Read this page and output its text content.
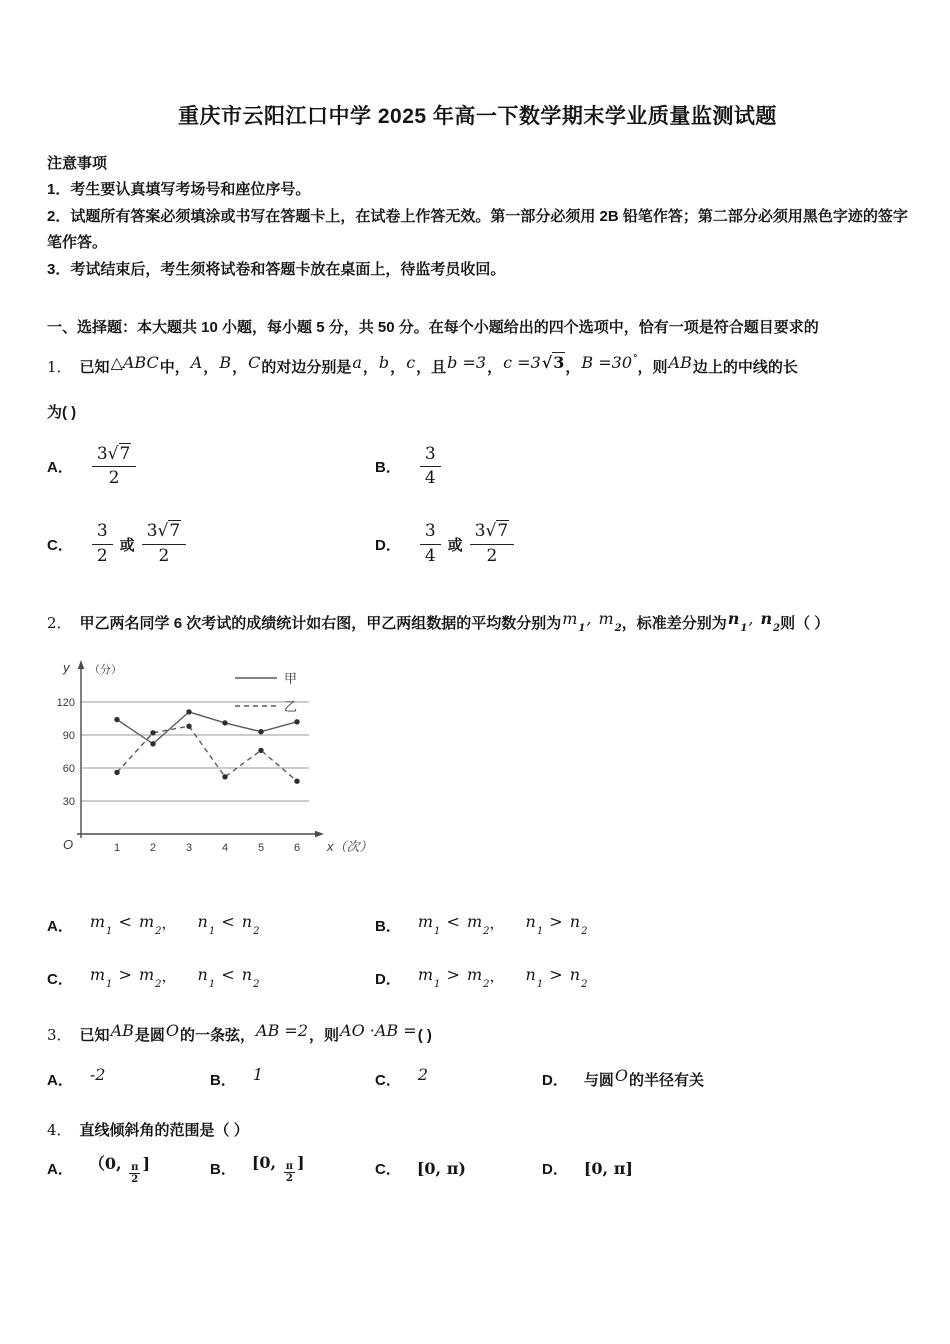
重庆市云阳江口中学 2025 年高一下数学期末学业质量监测试题
注意事项
1．考生要认真填写考场号和座位序号。
2．试题所有答案必须填涂或书写在答题卡上，在试卷上作答无效。第一部分必须用 2B 铅笔作答；第二部分必须用黑色字迹的签字笔作答。
3．考试结束后，考生须将试卷和答题卡放在桌面上，待监考员收回。
一、选择题：本大题共 10 小题，每小题 5 分，共 50 分。在每个小题给出的四个选项中，恰有一项是符合题目要求的
1． 已知△ABC中，A，B，C的对边分别是a，b，c，且b =3，c =3 √ 3，B =30°，则AB边上的中线的长
为( )
A． $\frac{3 √ 7}{2}$	B． $\frac{3}{4}$
C． $\frac{3}{2}$ 或 $\frac{3 √ 7}{2}$	D． $\frac{3}{4}$ 或 $\frac{3 √ 7}{2}$
2． 甲乙两名同学 6 次考试的成绩统计如右图，甲乙两组数据的平均数分别为$m_1$, $m_2$，标准差分别为$n_1$, $n_2$则（ ）
30
60
90
120
1	2	3	4	5	6
y （分）
O	x（次）
甲
乙
A． m1 < m2， n1 < n2	B． m1 < m2， n1 > n2
C． m1 > m2， n1 < n2	D． m1 > m2， n1 > n2
3． 已知AB是圆O的一条弦，AB =2，则AO ·AB =( )
A． -2	B． 1	C． 2	D． 与圆O的半径有关
4． 直线倾斜角的范围是（ ）
A． （0, $\frac{\pi}{2}$ ]	B． [0, $\frac{\pi}{2}$ ]	C． [0, π)	D． [0, π]
